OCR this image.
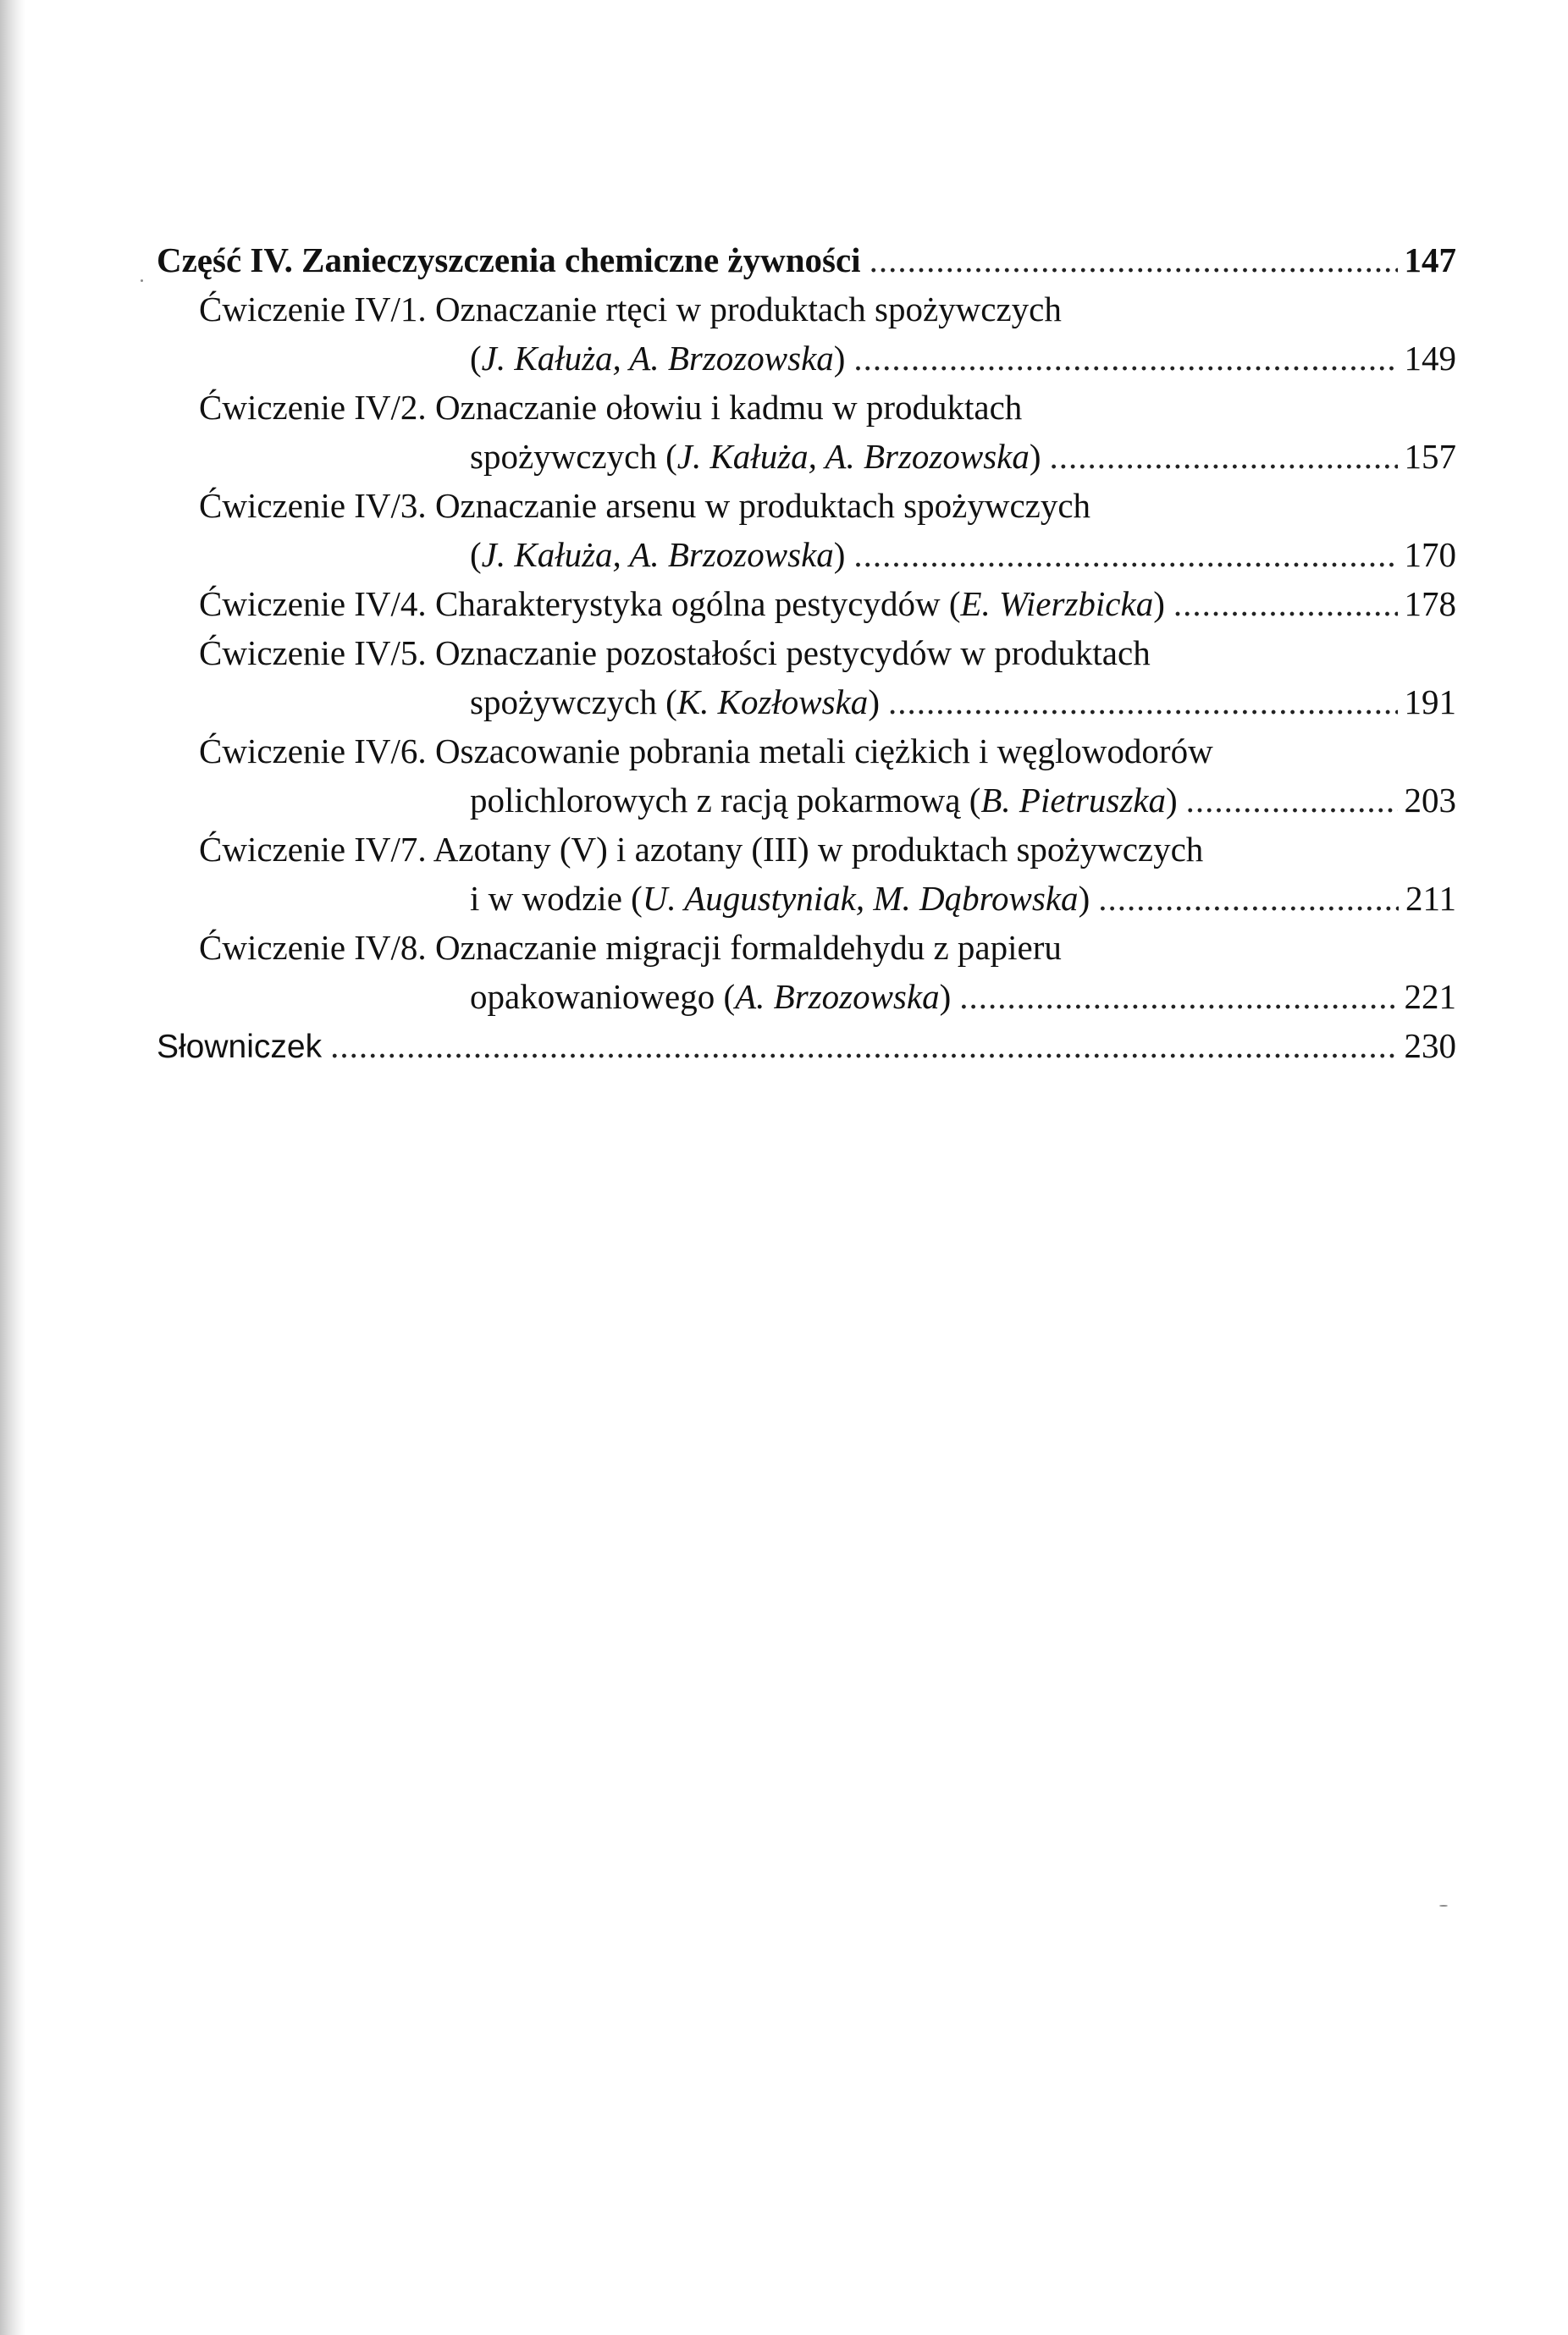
Część IV. Zanieczyszczenia chemiczne żywności .....	147
Ćwiczenie IV/1. Oznaczanie rtęci w produktach spożywczych
(J. Kałuża, A. Brzozowska) .....	149
Ćwiczenie IV/2. Oznaczanie ołowiu i kadmu w produktach
spożywczych (J. Kałuża, A. Brzozowska) .....	157
Ćwiczenie IV/3. Oznaczanie arsenu w produktach spożywczych
(J. Kałuża, A. Brzozowska) .....	170
Ćwiczenie IV/4. Charakterystyka ogólna pestycydów (E. Wierzbicka) .....	178
Ćwiczenie IV/5. Oznaczanie pozostałości pestycydów w produktach
spożywczych (K. Kozłowska) .....	191
Ćwiczenie IV/6. Oszacowanie pobrania metali ciężkich i węglowodorów
polichlorowych z racją pokarmową (B. Pietruszka) .....	203
Ćwiczenie IV/7. Azotany (V) i azotany (III) w produktach spożywczych
i w wodzie (U. Augustyniak, M. Dąbrowska) .....	211
Ćwiczenie IV/8. Oznaczanie migracji formaldehydu z papieru
opakowaniowego (A. Brzozowska) .....	221
Słowniczek .....	230
